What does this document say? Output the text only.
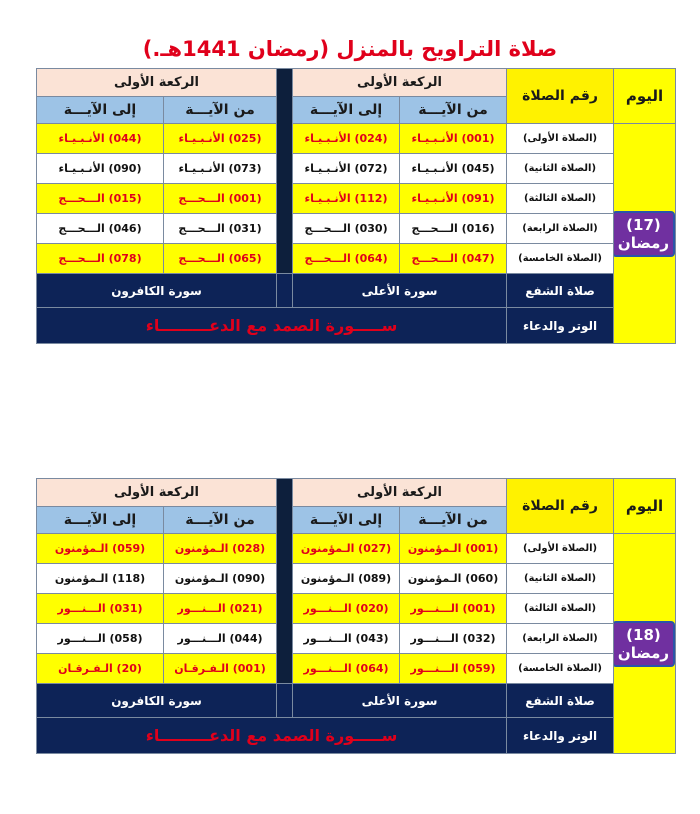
صلاة التراويح بالمنزل (رمضان 1441هـ.)
اليوم	رقم الصلاة	الركعة الأولى			الركعة الأولى	
		من الآيـــة	إلى الآيـــة		من الآيـــة	إلى الآيـــة

(17)
رمضان	(الصلاة الأولى)	(001) الأنـبـيـاء	(024) الأنـبـيـاء		(025) الأنـبـيـاء	(044) الأنـبـيـاء
	(الصلاة الثانية)	(045) الأنـبـيـاء	(072) الأنـبـيـاء		(073) الأنـبـيـاء	(090) الأنـبـيـاء
	(الصلاة الثالثة)	(091) الأنـبـيـاء	(112) الأنـبـيـاء		(001) الـــحـــج	(015) الـــحـــج
	(الصلاة الرابعة)	(016) الـــحـــج	(030) الـــحـــج		(031) الـــحـــج	(046) الـــحـــج
	(الصلاة الخامسة)	(047) الـــحـــج	(064) الـــحـــج		(065) الـــحـــج	(078) الـــحـــج
	صلاة الشفع	سورة الأعلى			سورة الكافرون	
	الوتر والدعاء	ســـــورة الصمد مع الدعـــــــــاء				
اليوم	رقم الصلاة	الركعة الأولى			الركعة الأولى	
		من الآيـــة	إلى الآيـــة		من الآيـــة	إلى الآيـــة

(18)
رمضان	(الصلاة الأولى)	(001) الـمؤمنون	(027) الـمؤمنون		(028) الـمؤمنون	(059) الـمؤمنون
	(الصلاة الثانية)	(060) الـمؤمنون	(089) الـمؤمنون		(090) الـمؤمنون	(118) الـمؤمنون
	(الصلاة الثالثة)	(001) الـــنـــور	(020) الـــنـــور		(021) الـــنـــور	(031) الـــنـــور
	(الصلاة الرابعة)	(032) الـــنـــور	(043) الـــنـــور		(044) الـــنـــور	(058) الـــنـــور
	(الصلاة الخامسة)	(059) الـــنـــور	(064) الـــنـــور		(001) الـفـرقـان	(20) الـفـرقـان
	صلاة الشفع	سورة الأعلى			سورة الكافرون	
	الوتر والدعاء	ســـــورة الصمد مع الدعـــــــــاء				
